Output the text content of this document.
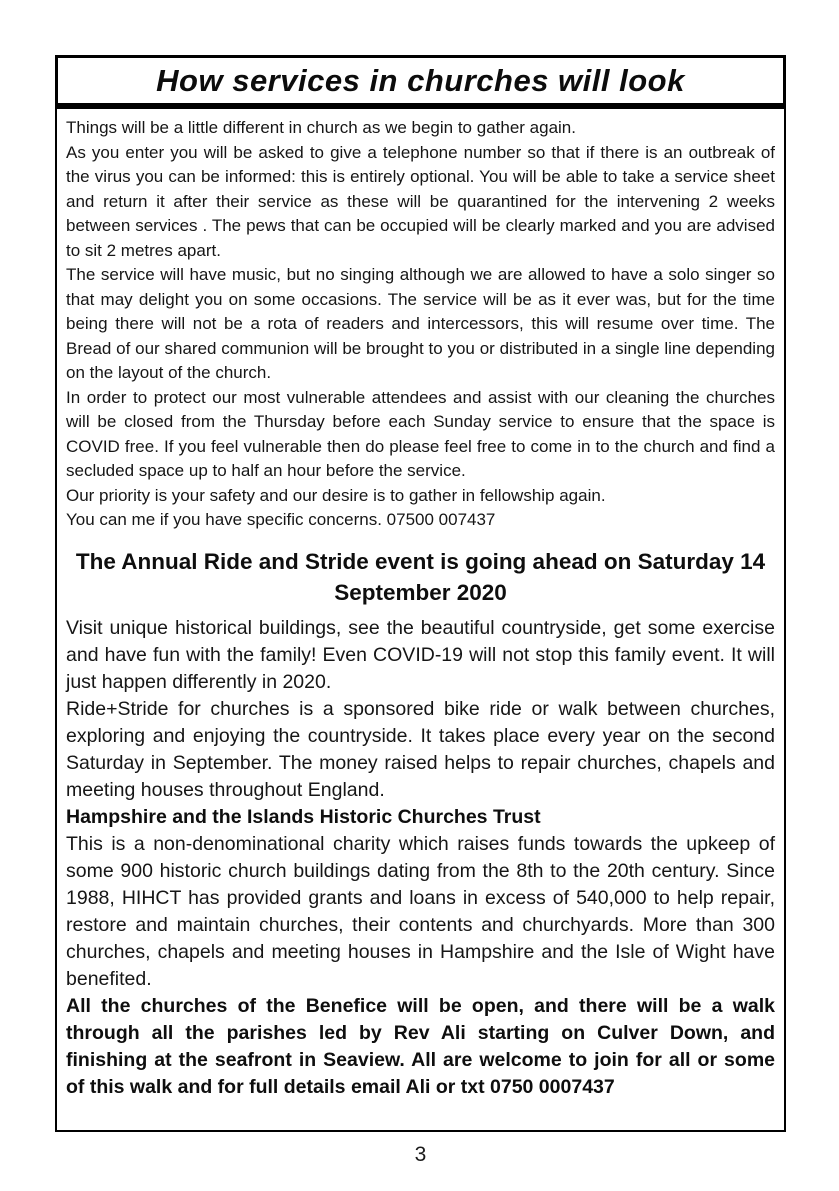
How services in churches will look

Things will be a little different in church as we begin to gather again.

As you enter you will be asked to give a telephone number so that if there is an outbreak of the virus you can be informed: this is entirely optional. You will be able to take a service sheet and return it after their service as these will be quarantined for the intervening 2 weeks between services . The pews that can be occupied will be clearly marked and you are advised to sit 2 metres apart.

The service will have music, but no singing although we are allowed to have a solo singer so that may delight you on some occasions. The service will be as it ever was, but for the time being there will not be a rota of readers and intercessors, this will resume over time. The Bread of our shared communion will be brought to you or distributed in a single line depending on the layout of the church.

In order to protect our most vulnerable attendees and assist with our cleaning the churches will be closed from the Thursday before each Sunday service to ensure that the space is COVID free. If you feel vulnerable then do please feel free to come in to the church and find a secluded space up to half an hour before the service.

Our priority is your safety and our desire is to gather in fellowship again.

You can me if you have specific concerns. 07500 007437

The Annual Ride and Stride event is going ahead on Saturday 14 September 2020

Visit unique historical buildings, see the beautiful countryside, get some exercise and have fun with the family! Even COVID-19 will not stop this family event. It will just happen differently in 2020.

Ride+Stride for churches is a sponsored bike ride or walk between churches, exploring and enjoying the countryside. It takes place every year on the second Saturday in September. The money raised helps to repair churches, chapels and meeting houses throughout England.

Hampshire and the Islands Historic Churches Trust

This is a non-denominational charity which raises funds towards the upkeep of some 900 historic church buildings dating from the 8th to the 20th century. Since 1988, HIHCT has provided grants and loans in excess of 540,000 to help repair, restore and maintain churches, their contents and churchyards. More than 300 churches, chapels and meeting houses in Hampshire and the Isle of Wight have benefited.

All the churches of the Benefice will be open, and there will be a walk through all the parishes led by Rev Ali starting on Culver Down, and finishing at the seafront in Seaview. All are welcome to join for all or some of this walk and for full details email Ali or txt 0750 0007437

3
